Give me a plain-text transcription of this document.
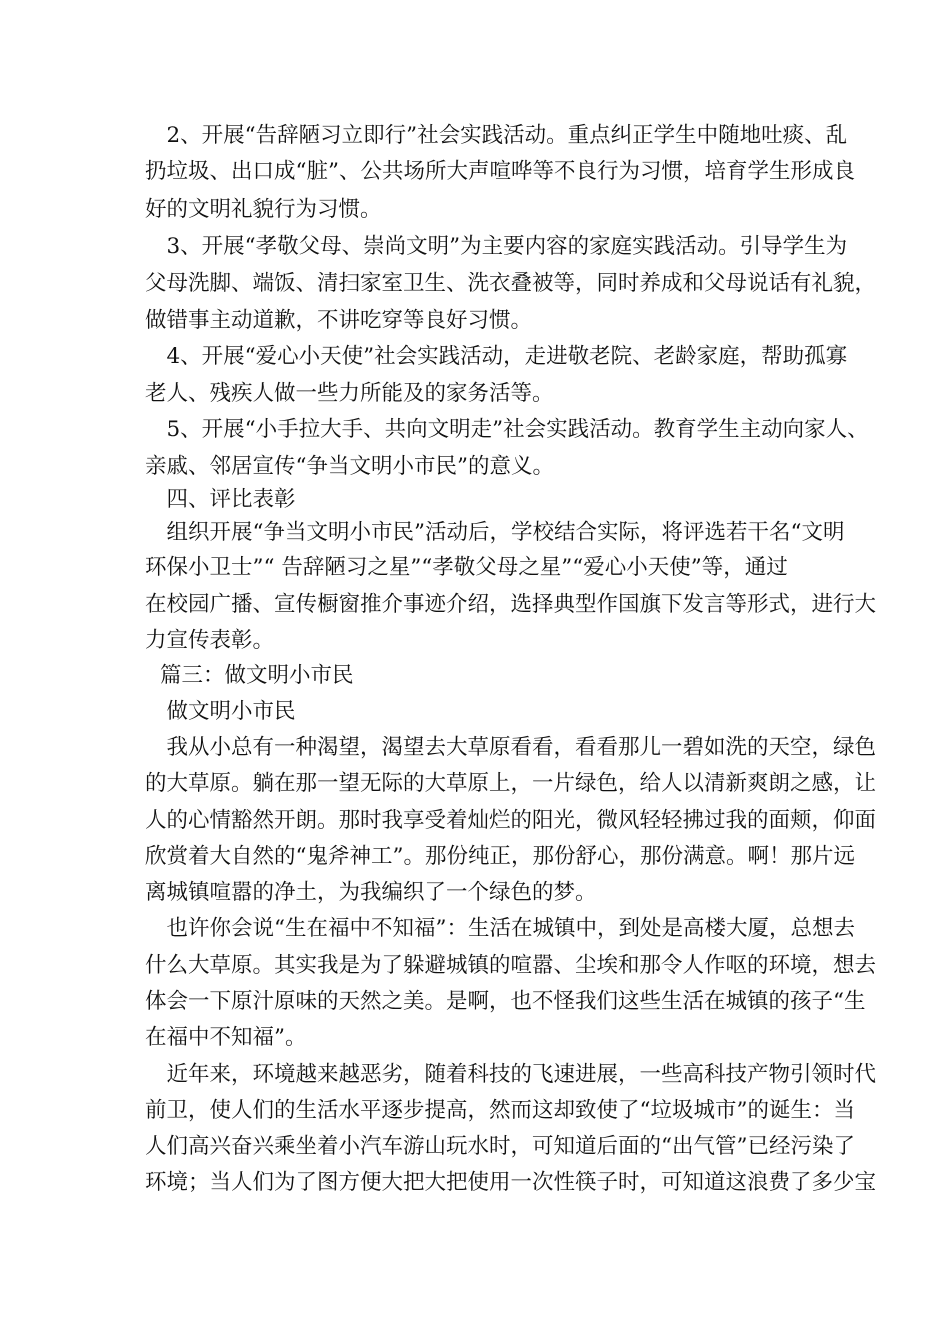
　2、开展“告辞陋习立即行”社会实践活动。重点纠正学生中随地吐痰、乱
扔垃圾、出口成“脏”、公共场所大声喧哗等不良行为习惯，培育学生形成良
好的文明礼貌行为习惯。
　3、开展“孝敬父母、崇尚文明”为主要内容的家庭实践活动。引导学生为
父母洗脚、端饭、清扫家室卫生、洗衣叠被等，同时养成和父母说话有礼貌，
做错事主动道歉，不讲吃穿等良好习惯。
　4、开展“爱心小天使”社会实践活动，走进敬老院、老龄家庭，帮助孤寡
老人、残疾人做一些力所能及的家务活等。
　5、开展“小手拉大手、共向文明走”社会实践活动。教育学生主动向家人、
亲戚、邻居宣传“争当文明小市民”的意义。
　四、评比表彰
　组织开展“争当文明小市民”活动后，学校结合实际，将评选若干名“文明
环保小卫士”“ 告辞陋习之星”“孝敬父母之星”“爱心小天使”等，通过
在校园广播、宣传橱窗推介事迹介绍，选择典型作国旗下发言等形式，进行大
力宣传表彰。
篇三：做文明小市民
　做文明小市民
　我从小总有一种渴望，渴望去大草原看看，看看那儿一碧如洗的天空，绿色
的大草原。躺在那一望无际的大草原上，一片绿色，给人以清新爽朗之感，让
人的心情豁然开朗。那时我享受着灿烂的阳光，微风轻轻拂过我的面颊，仰面
欣赏着大自然的“鬼斧神工”。那份纯正，那份舒心，那份满意。啊！那片远
离城镇喧嚣的净土，为我编织了一个绿色的梦。
　也许你会说“生在福中不知福”：生活在城镇中，到处是高楼大厦，总想去
什么大草原。其实我是为了躲避城镇的喧嚣、尘埃和那令人作呕的环境，想去
体会一下原汁原味的天然之美。是啊，也不怪我们这些生活在城镇的孩子“生
在福中不知福”。
　近年来，环境越来越恶劣，随着科技的飞速进展，一些高科技产物引领时代
前卫，使人们的生活水平逐步提高，然而这却致使了“垃圾城市”的诞生：当
人们高兴奋兴乘坐着小汽车游山玩水时，可知道后面的“出气管”已经污染了
环境；当人们为了图方便大把大把使用一次性筷子时，可知道这浪费了多少宝
